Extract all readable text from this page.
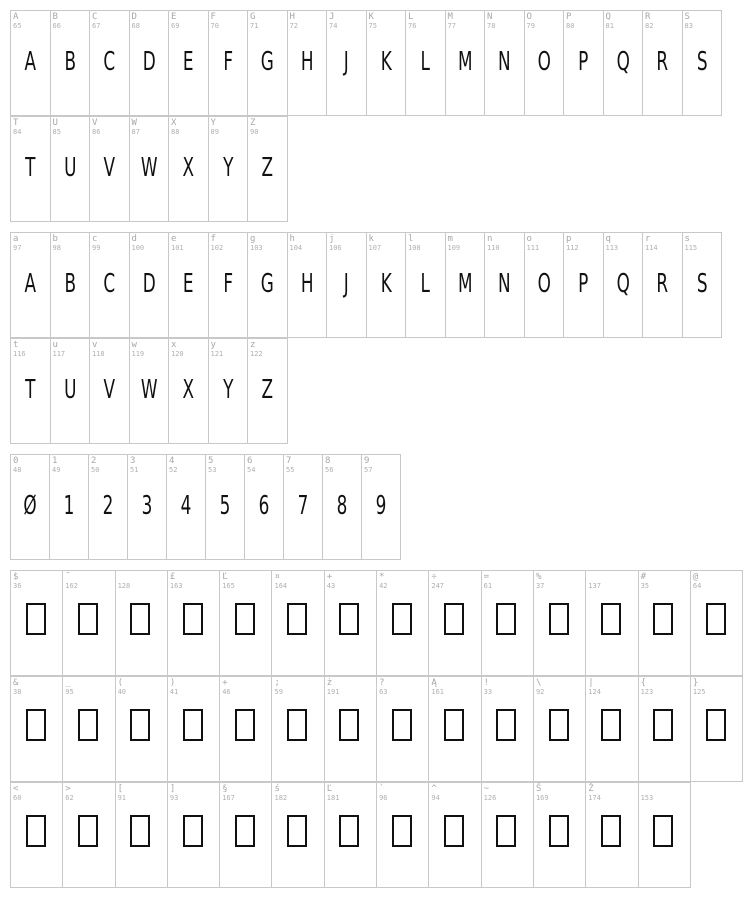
A
65
A
B
66
B
C
67
C
D
68
D
E
69
E
F
70
F
G
71
G
H
72
H
J
74
J
K
75
K
L
76
L
M
77
M
N
78
N
O
79
O
P
80
P
Q
81
Q
R
82
R
S
83
S
T
84
T
U
85
U
V
86
V
W
87
W
X
88
X
Y
89
Y
Z
90
Z
a
97
A
b
98
B
c
99
C
d
100
D
e
101
E
f
102
F
g
103
G
h
104
H
j
106
J
k
107
K
l
108
L
m
109
M
n
110
N
o
111
O
p
112
P
q
113
Q
r
114
R
s
115
S
t
116
T
u
117
U
v
118
V
w
119
W
x
120
X
y
121
Y
z
122
Z
0
48
Ø
1
49
1
2
50
2
3
51
3
4
52
4
5
53
5
6
54
6
7
55
7
8
56
8
9
57
9
$
36
˜
162	128
£
163
Ľ
165
¤
164
+
43
*
42
÷
247
=
61
%
37	137
#
35
@
64
&
38
_
95
(
40
)
41
+
46
;
59
ż
191
?
63
Ą
161
!
33
\
92
|
124
{
123
}
125
<
60
>
62
[
91
]
93
§
167
ś
182
Ľ
181
`
96
^
94
~
126
Š
169
Ž
174	153
